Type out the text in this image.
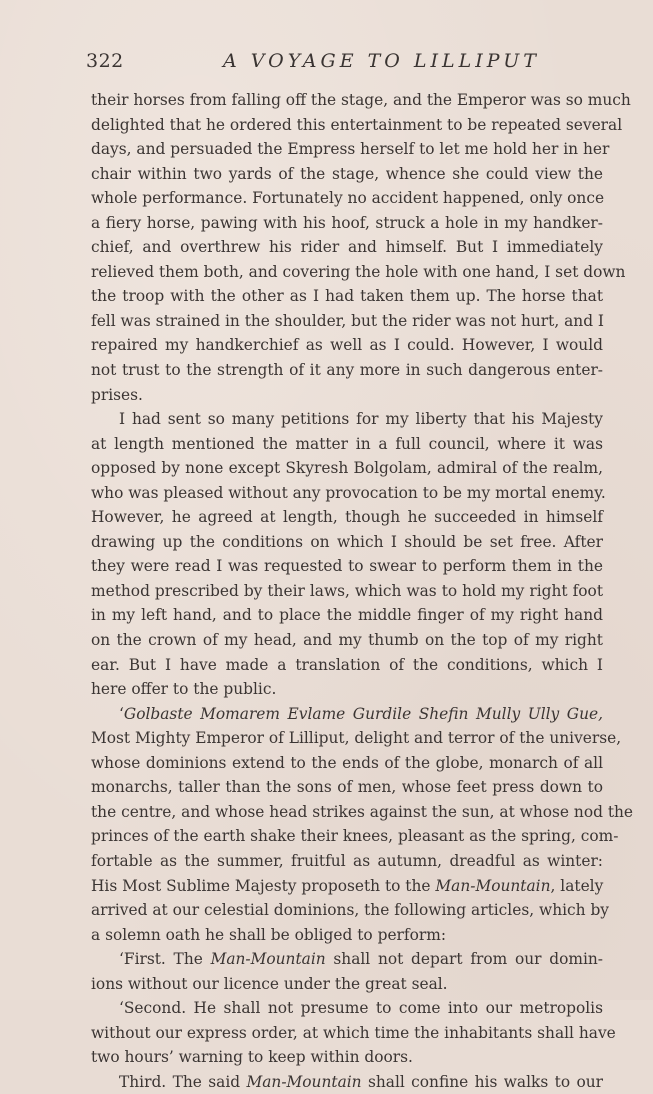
322	A VOYAGE TO LILLIPUT
their horses from falling off the stage, and the Emperor was so much
delighted that he ordered this entertainment to be repeated several
days, and persuaded the Empress herself to let me hold her in her
chair within two yards of the stage, whence she could view the
whole performance. Fortunately no accident happened, only once
a fiery horse, pawing with his hoof, struck a hole in my handker-
chief, and overthrew his rider and himself. But I immediately
relieved them both, and covering the hole with one hand, I set down
the troop with the other as I had taken them up. The horse that
fell was strained in the shoulder, but the rider was not hurt, and I
repaired my handkerchief as well as I could. However, I would
not trust to the strength of it any more in such dangerous enter-
prises.
I had sent so many petitions for my liberty that his Majesty
at length mentioned the matter in a full council, where it was
opposed by none except Skyresh Bolgolam, admiral of the realm,
who was pleased without any provocation to be my mortal enemy.
However, he agreed at length, though he succeeded in himself
drawing up the conditions on which I should be set free. After
they were read I was requested to swear to perform them in the
method prescribed by their laws, which was to hold my right foot
in my left hand, and to place the middle finger of my right hand
on the crown of my head, and my thumb on the top of my right
ear. But I have made a translation of the conditions, which I
here offer to the public.
‘Golbaste Momarem Evlame Gurdile Shefin Mully Ully Gue,
Most Mighty Emperor of Lilliput, delight and terror of the universe,
whose dominions extend to the ends of the globe, monarch of all
monarchs, taller than the sons of men, whose feet press down to
the centre, and whose head strikes against the sun, at whose nod the
princes of the earth shake their knees, pleasant as the spring, com-
fortable as the summer, fruitful as autumn, dreadful as winter:
His Most Sublime Majesty proposeth to the Man-Mountain, lately
arrived at our celestial dominions, the following articles, which by
a solemn oath he shall be obliged to perform:
‘First. The Man-Mountain shall not depart from our domin-
ions without our licence under the great seal.
‘Second. He shall not presume to come into our metropolis
without our express order, at which time the inhabitants shall have
two hours’ warning to keep within doors.
Third. The said Man-Mountain shall confine his walks to our
